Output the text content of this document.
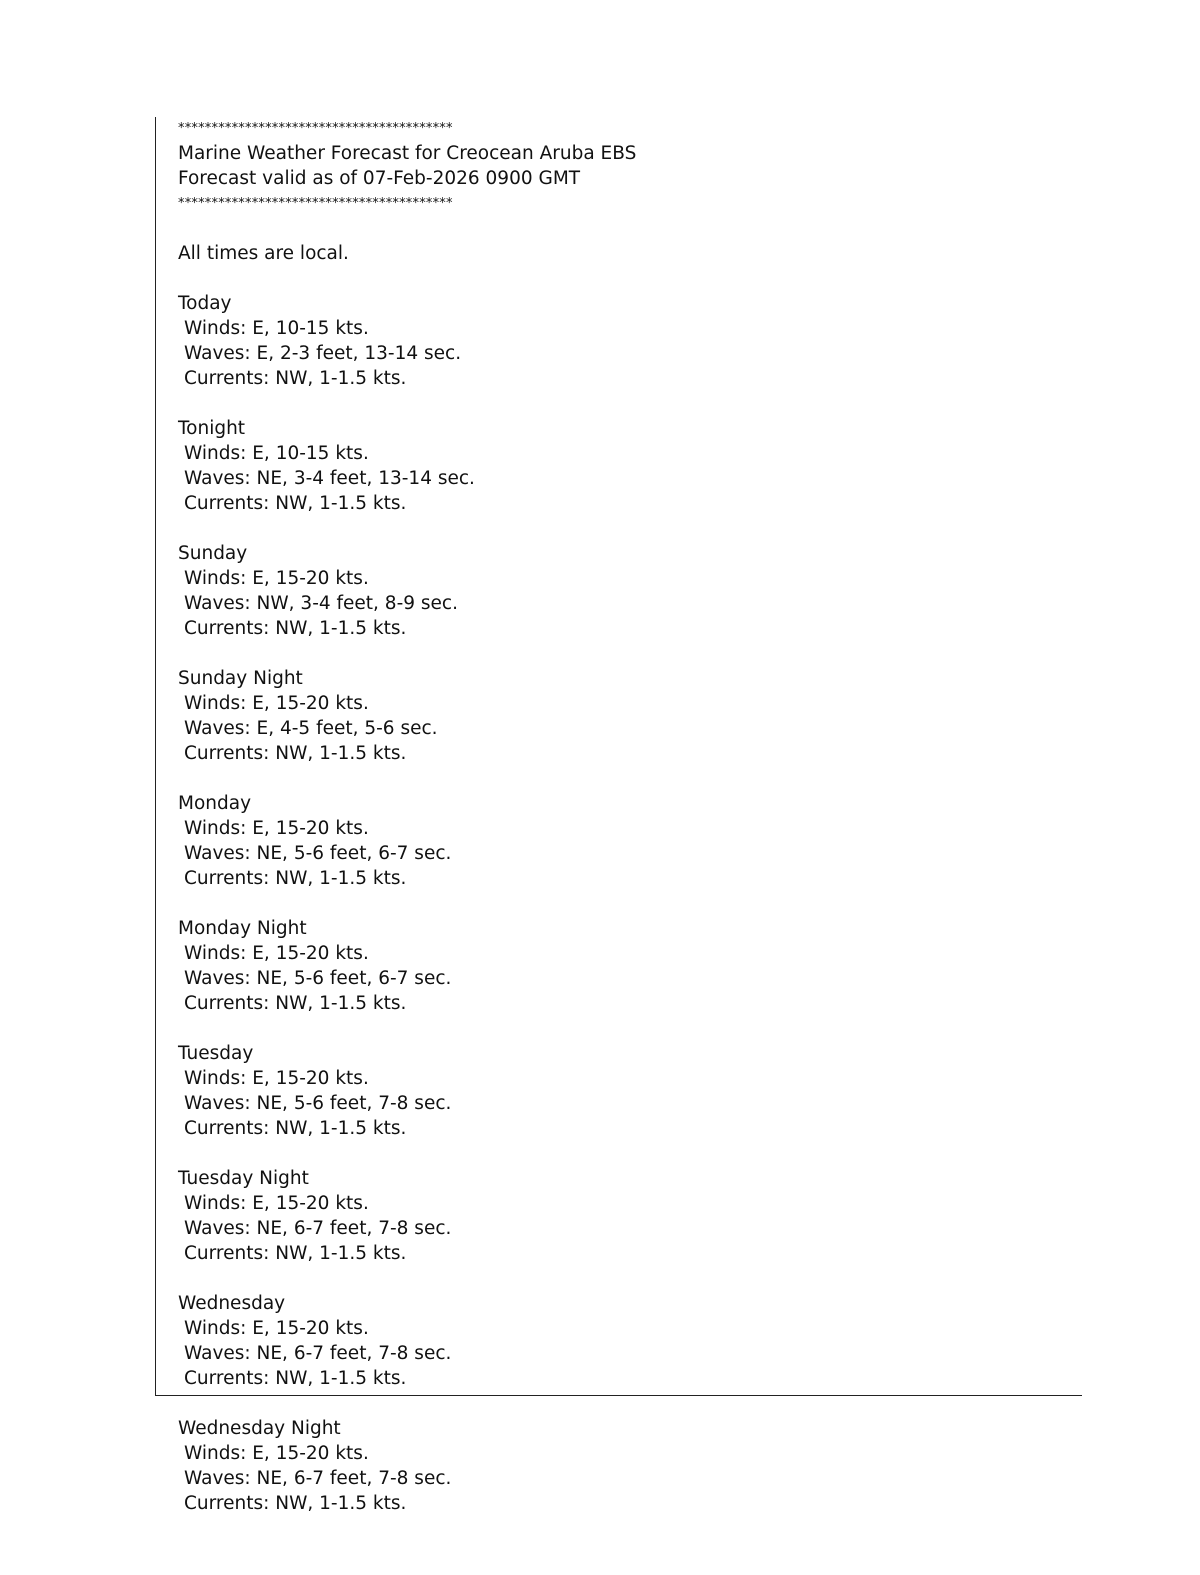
*****************************************
Marine Weather Forecast for Creocean Aruba EBS
Forecast valid as of 07-Feb-2026 0900 GMT
*****************************************
All times are local.
Today
Winds: E, 10-15 kts.
Waves: E, 2-3 feet, 13-14 sec.
Currents: NW, 1-1.5 kts.
Tonight
Winds: E, 10-15 kts.
Waves: NE, 3-4 feet, 13-14 sec.
Currents: NW, 1-1.5 kts.
Sunday
Winds: E, 15-20 kts.
Waves: NW, 3-4 feet, 8-9 sec.
Currents: NW, 1-1.5 kts.
Sunday Night
Winds: E, 15-20 kts.
Waves: E, 4-5 feet, 5-6 sec.
Currents: NW, 1-1.5 kts.
Monday
Winds: E, 15-20 kts.
Waves: NE, 5-6 feet, 6-7 sec.
Currents: NW, 1-1.5 kts.
Monday Night
Winds: E, 15-20 kts.
Waves: NE, 5-6 feet, 6-7 sec.
Currents: NW, 1-1.5 kts.
Tuesday
Winds: E, 15-20 kts.
Waves: NE, 5-6 feet, 7-8 sec.
Currents: NW, 1-1.5 kts.
Tuesday Night
Winds: E, 15-20 kts.
Waves: NE, 6-7 feet, 7-8 sec.
Currents: NW, 1-1.5 kts.
Wednesday
Winds: E, 15-20 kts.
Waves: NE, 6-7 feet, 7-8 sec.
Currents: NW, 1-1.5 kts.
Wednesday Night
Winds: E, 15-20 kts.
Waves: NE, 6-7 feet, 7-8 sec.
Currents: NW, 1-1.5 kts.
